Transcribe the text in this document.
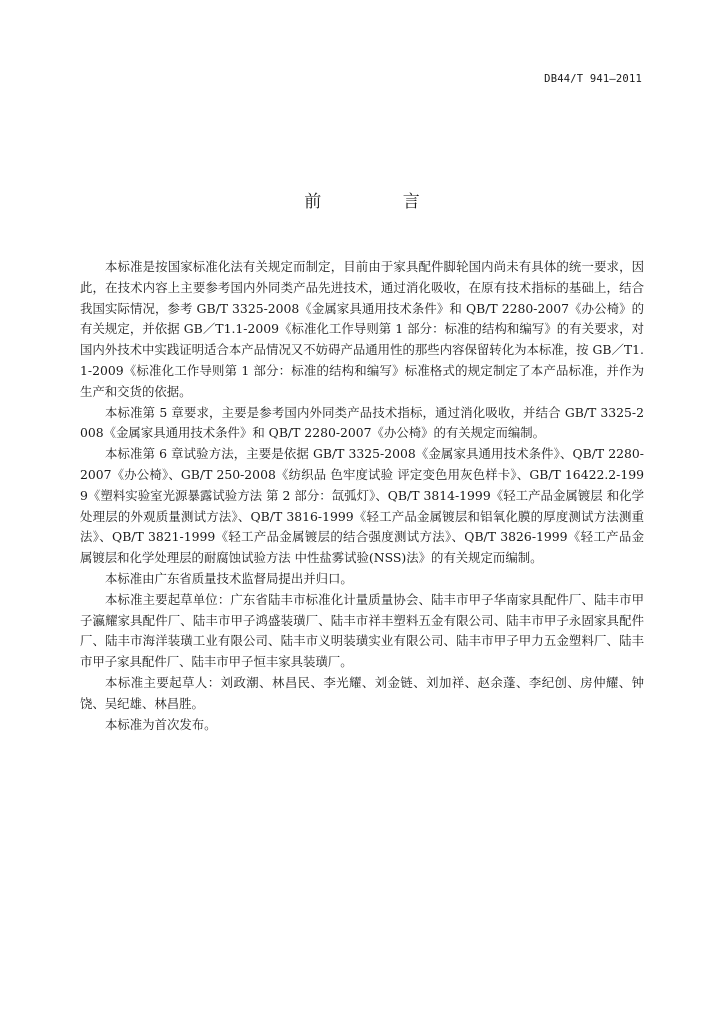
DB44/T 941—2011
前 言

本标准是按国家标准化法有关规定而制定，目前由于家具配件脚轮国内尚未有具体的统一要求，因此，在技术内容上主要参考国内外同类产品先进技术，通过消化吸收，在原有技术指标的基础上，结合我国实际情况，参考 GB/T 3325-2008《金属家具通用技术条件》和 QB/T 2280-2007《办公椅》的有关规定，并依据 GB／T1.1-2009《标准化工作导则第 1 部分：标准的结构和编写》的有关要求，对国内外技术中实践证明适合本产品情况又不妨碍产品通用性的那些内容保留转化为本标准，按 GB／T1.1-2009《标准化工作导则第 1 部分：标准的结构和编写》标准格式的规定制定了本产品标准，并作为生产和交货的依据。

本标准第 5 章要求，主要是参考国内外同类产品技术指标，通过消化吸收，并结合 GB/T 3325-2008《金属家具通用技术条件》和 QB/T 2280-2007《办公椅》的有关规定而编制。

本标准第 6 章试验方法，主要是依据 GB/T 3325-2008《金属家具通用技术条件》、QB/T 2280-2007《办公椅》、GB/T 250-2008《纺织品 色牢度试验 评定变色用灰色样卡》、GB/T 16422.2-1999《塑料实验室光源暴露试验方法 第 2 部分：氙弧灯》、QB/T 3814-1999《轻工产品金属镀层 和化学处理层的外观质量测试方法》、QB/T 3816-1999《轻工产品金属镀层和铝氧化膜的厚度测试方法测重法》、QB/T 3821-1999《轻工产品金属镀层的结合强度测试方法》、QB/T 3826-1999《轻工产品金属镀层和化学处理层的耐腐蚀试验方法 中性盐雾试验(NSS)法》的有关规定而编制。

本标准由广东省质量技术监督局提出并归口。

本标准主要起草单位：广东省陆丰市标准化计量质量协会、陆丰市甲子华南家具配件厂、陆丰市甲子瀛耀家具配件厂、陆丰市甲子鸿盛装璜厂、陆丰市祥丰塑料五金有限公司、陆丰市甲子永固家具配件厂、陆丰市海洋装璜工业有限公司、陆丰市义明装璜实业有限公司、陆丰市甲子甲力五金塑料厂、陆丰市甲子家具配件厂、陆丰市甲子恒丰家具装璜厂。

本标准主要起草人：刘政潮、林昌民、李光耀、刘金链、刘加祥、赵余蓬、李纪创、房仲耀、钟饶、吴纪雄、林昌胜。

本标准为首次发布。
